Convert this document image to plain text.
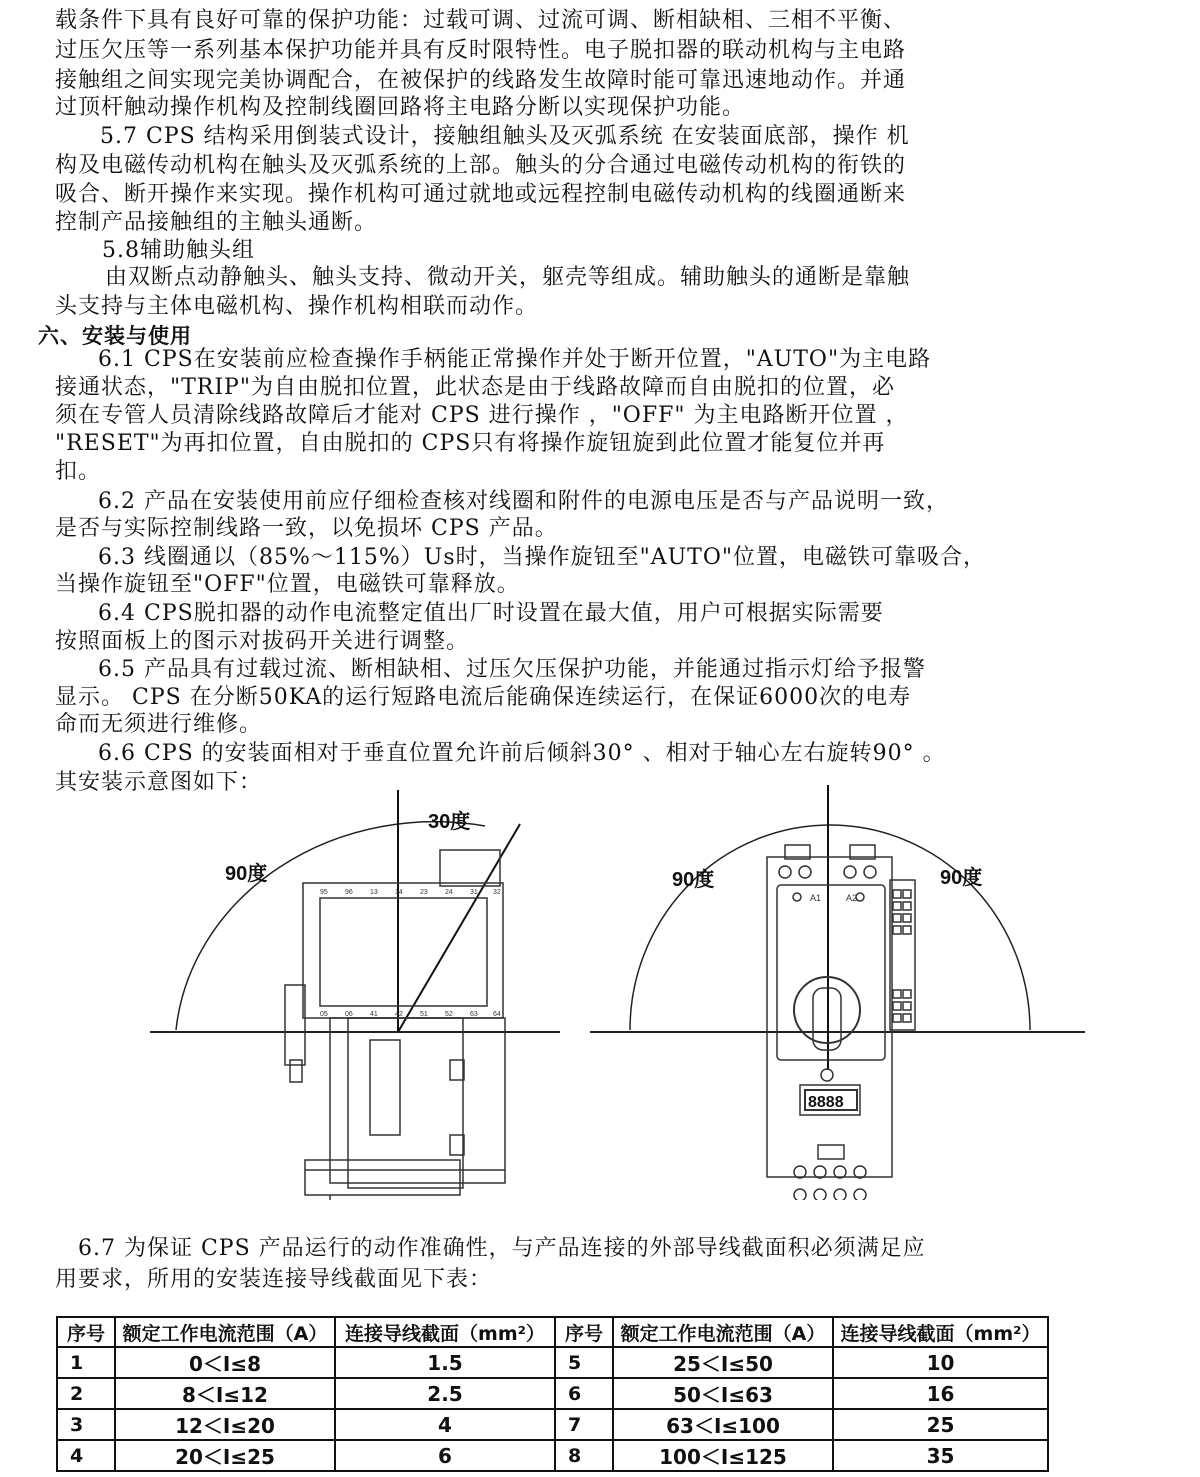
载条件下具有良好可靠的保护功能：过载可调、过流可调、断相缺相、三相不平衡、
过压欠压等一系列基本保护功能并具有反时限特性。电子脱扣器的联动机构与主电路
接触组之间实现完美协调配合，在被保护的线路发生故障时能可靠迅速地动作。并通
过顶杆触动操作机构及控制线圈回路将主电路分断以实现保护功能。
5.7 CPS 结构采用倒装式设计，接触组触头及灭弧系统 在安装面底部，操作 机
构及电磁传动机构在触头及灭弧系统的上部。触头的分合通过电磁传动机构的衔铁的
吸合、断开操作来实现。操作机构可通过就地或远程控制电磁传动机构的线圈通断来
控制产品接触组的主触头通断。
5.8辅助触头组
由双断点动静触头、触头支持、微动开关，躯壳等组成。辅助触头的通断是靠触
头支持与主体电磁机构、操作机构相联而动作。
六、安装与使用
6.1 CPS在安装前应检查操作手柄能正常操作并处于断开位置，"AUTO"为主电路
接通状态，"TRIP"为自由脱扣位置，此状态是由于线路故障而自由脱扣的位置，必
须在专管人员清除线路故障后才能对 CPS 进行操作 ，"OFF" 为主电路断开位置 ，
"RESET"为再扣位置，自由脱扣的 CPS只有将操作旋钮旋到此位置才能复位并再
扣。
6.2 产品在安装使用前应仔细检查核对线圈和附件的电源电压是否与产品说明一致，
是否与实际控制线路一致，以免损坏 CPS 产品。
6.3 线圈通以（85%～115%）Us时，当操作旋钮至"AUTO"位置，电磁铁可靠吸合，
当操作旋钮至"OFF"位置，电磁铁可靠释放。
6.4 CPS脱扣器的动作电流整定值出厂时设置在最大值，用户可根据实际需要
按照面板上的图示对拔码开关进行调整。
6.5 产品具有过载过流、断相缺相、过压欠压保护功能，并能通过指示灯给予报警
显示。 CPS 在分断50KA的运行短路电流后能确保连续运行，在保证6000次的电寿
命而无须进行维修。
6.6 CPS 的安装面相对于垂直位置允许前后倾斜30° 、相对于轴心左右旋转90° 。
其安装示意图如下：
6.7 为保证 CPS 产品运行的动作准确性，与产品连接的外部导线截面积必须满足应
用要求，所用的安装连接导线截面见下表：
95 96 13 14 23 24 31 32
05 06 41 42 51 52 63 64
30度
90度
8888
A1	A2
90度	90度
序号	额定工作电流范围（A）	连接导线截面（mm²）	序号	额定工作电流范围（A）	连接导线截面（mm²）
1	0＜I≤8	1.5	5	25＜I≤50	10
2	8＜I≤12	2.5	6	50＜I≤63	16
3	12＜I≤20	4	7	63＜I≤100	25
4	20＜I≤25	6	8	100＜I≤125	35
